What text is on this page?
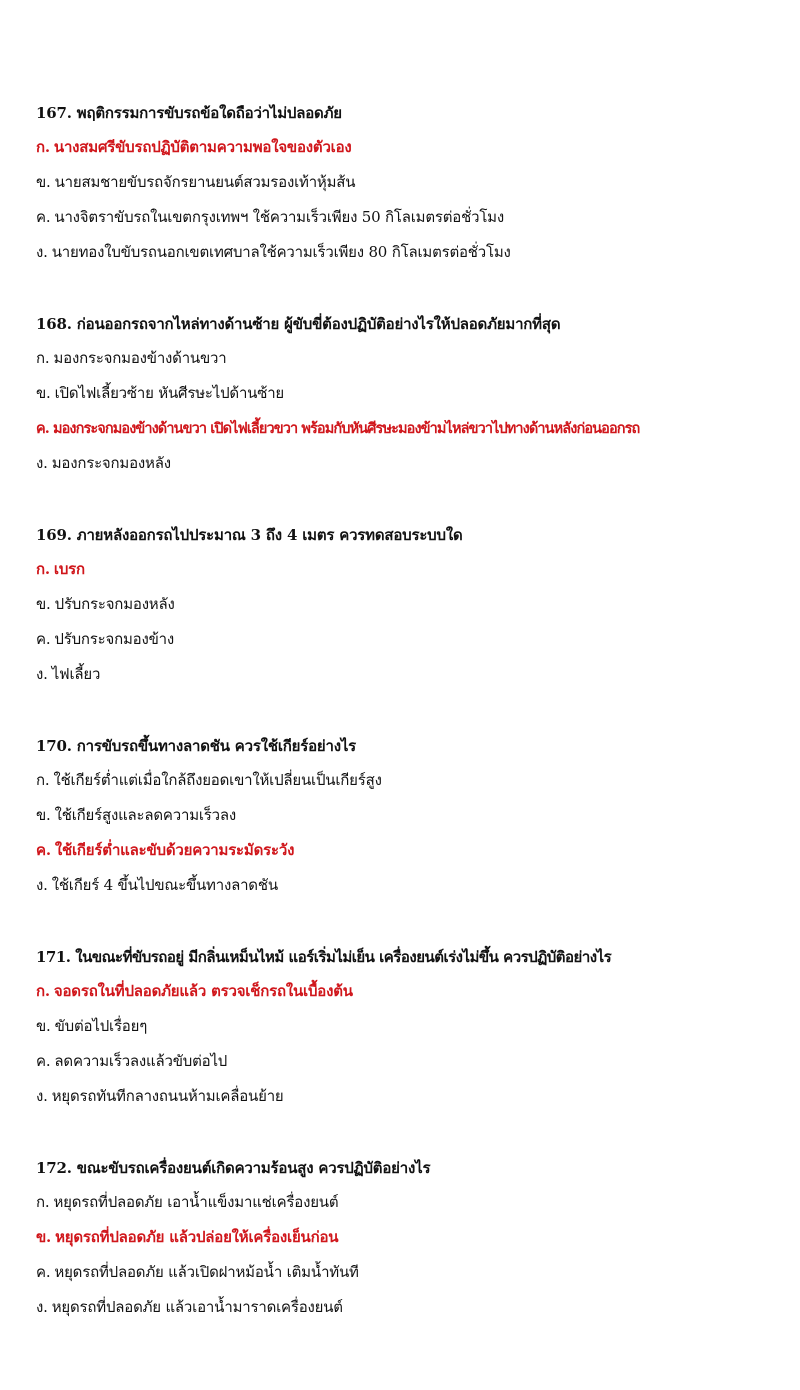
167. พฤติกรรมการขับรถข้อใดถือว่าไม่ปลอดภัย
ก. นางสมศรีขับรถปฏิบัติตามความพอใจของตัวเอง
ข. นายสมชายขับรถจักรยานยนต์สวมรองเท้าหุ้มส้น
ค. นางจิตราขับรถในเขตกรุงเทพฯ ใช้ความเร็วเพียง 50 กิโลเมตรต่อชั่วโมง
ง. นายทองใบขับรถนอกเขตเทศบาลใช้ความเร็วเพียง 80 กิโลเมตรต่อชั่วโมง
168. ก่อนออกรถจากไหล่ทางด้านซ้าย ผู้ขับขี่ต้องปฏิบัติอย่างไรให้ปลอดภัยมากที่สุด
ก. มองกระจกมองข้างด้านขวา
ข. เปิดไฟเลี้ยวซ้าย หันศีรษะไปด้านซ้าย
ค. มองกระจกมองข้างด้านขวา เปิดไฟเลี้ยวขวา พร้อมกับหันศีรษะมองข้ามไหล่ขวาไปทางด้านหลังก่อนออกรถ
ง. มองกระจกมองหลัง
169. ภายหลังออกรถไปประมาณ 3 ถึง 4 เมตร ควรทดสอบระบบใด
ก. เบรก
ข. ปรับกระจกมองหลัง
ค. ปรับกระจกมองข้าง
ง. ไฟเลี้ยว
170. การขับรถขึ้นทางลาดชัน ควรใช้เกียร์อย่างไร
ก. ใช้เกียร์ต่ำแต่เมื่อใกล้ถึงยอดเขาให้เปลี่ยนเป็นเกียร์สูง
ข. ใช้เกียร์สูงและลดความเร็วลง
ค. ใช้เกียร์ต่ำและขับด้วยความระมัดระวัง
ง. ใช้เกียร์ 4 ขึ้นไปขณะขึ้นทางลาดชัน
171. ในขณะที่ขับรถอยู่ มีกลิ่นเหม็นไหม้ แอร์เริ่มไม่เย็น เครื่องยนต์เร่งไม่ขึ้น ควรปฏิบัติอย่างไร
ก. จอดรถในที่ปลอดภัยแล้ว ตรวจเช็กรถในเบื้องต้น
ข. ขับต่อไปเรื่อยๆ
ค. ลดความเร็วลงแล้วขับต่อไป
ง. หยุดรถทันทีกลางถนนห้ามเคลื่อนย้าย
172. ขณะขับรถเครื่องยนต์เกิดความร้อนสูง ควรปฏิบัติอย่างไร
ก. หยุดรถที่ปลอดภัย เอาน้ำแข็งมาแช่เครื่องยนต์
ข. หยุดรถที่ปลอดภัย แล้วปล่อยให้เครื่องเย็นก่อน
ค. หยุดรถที่ปลอดภัย แล้วเปิดฝาหม้อน้ำ เติมน้ำทันที
ง. หยุดรถที่ปลอดภัย แล้วเอาน้ำมาราดเครื่องยนต์
